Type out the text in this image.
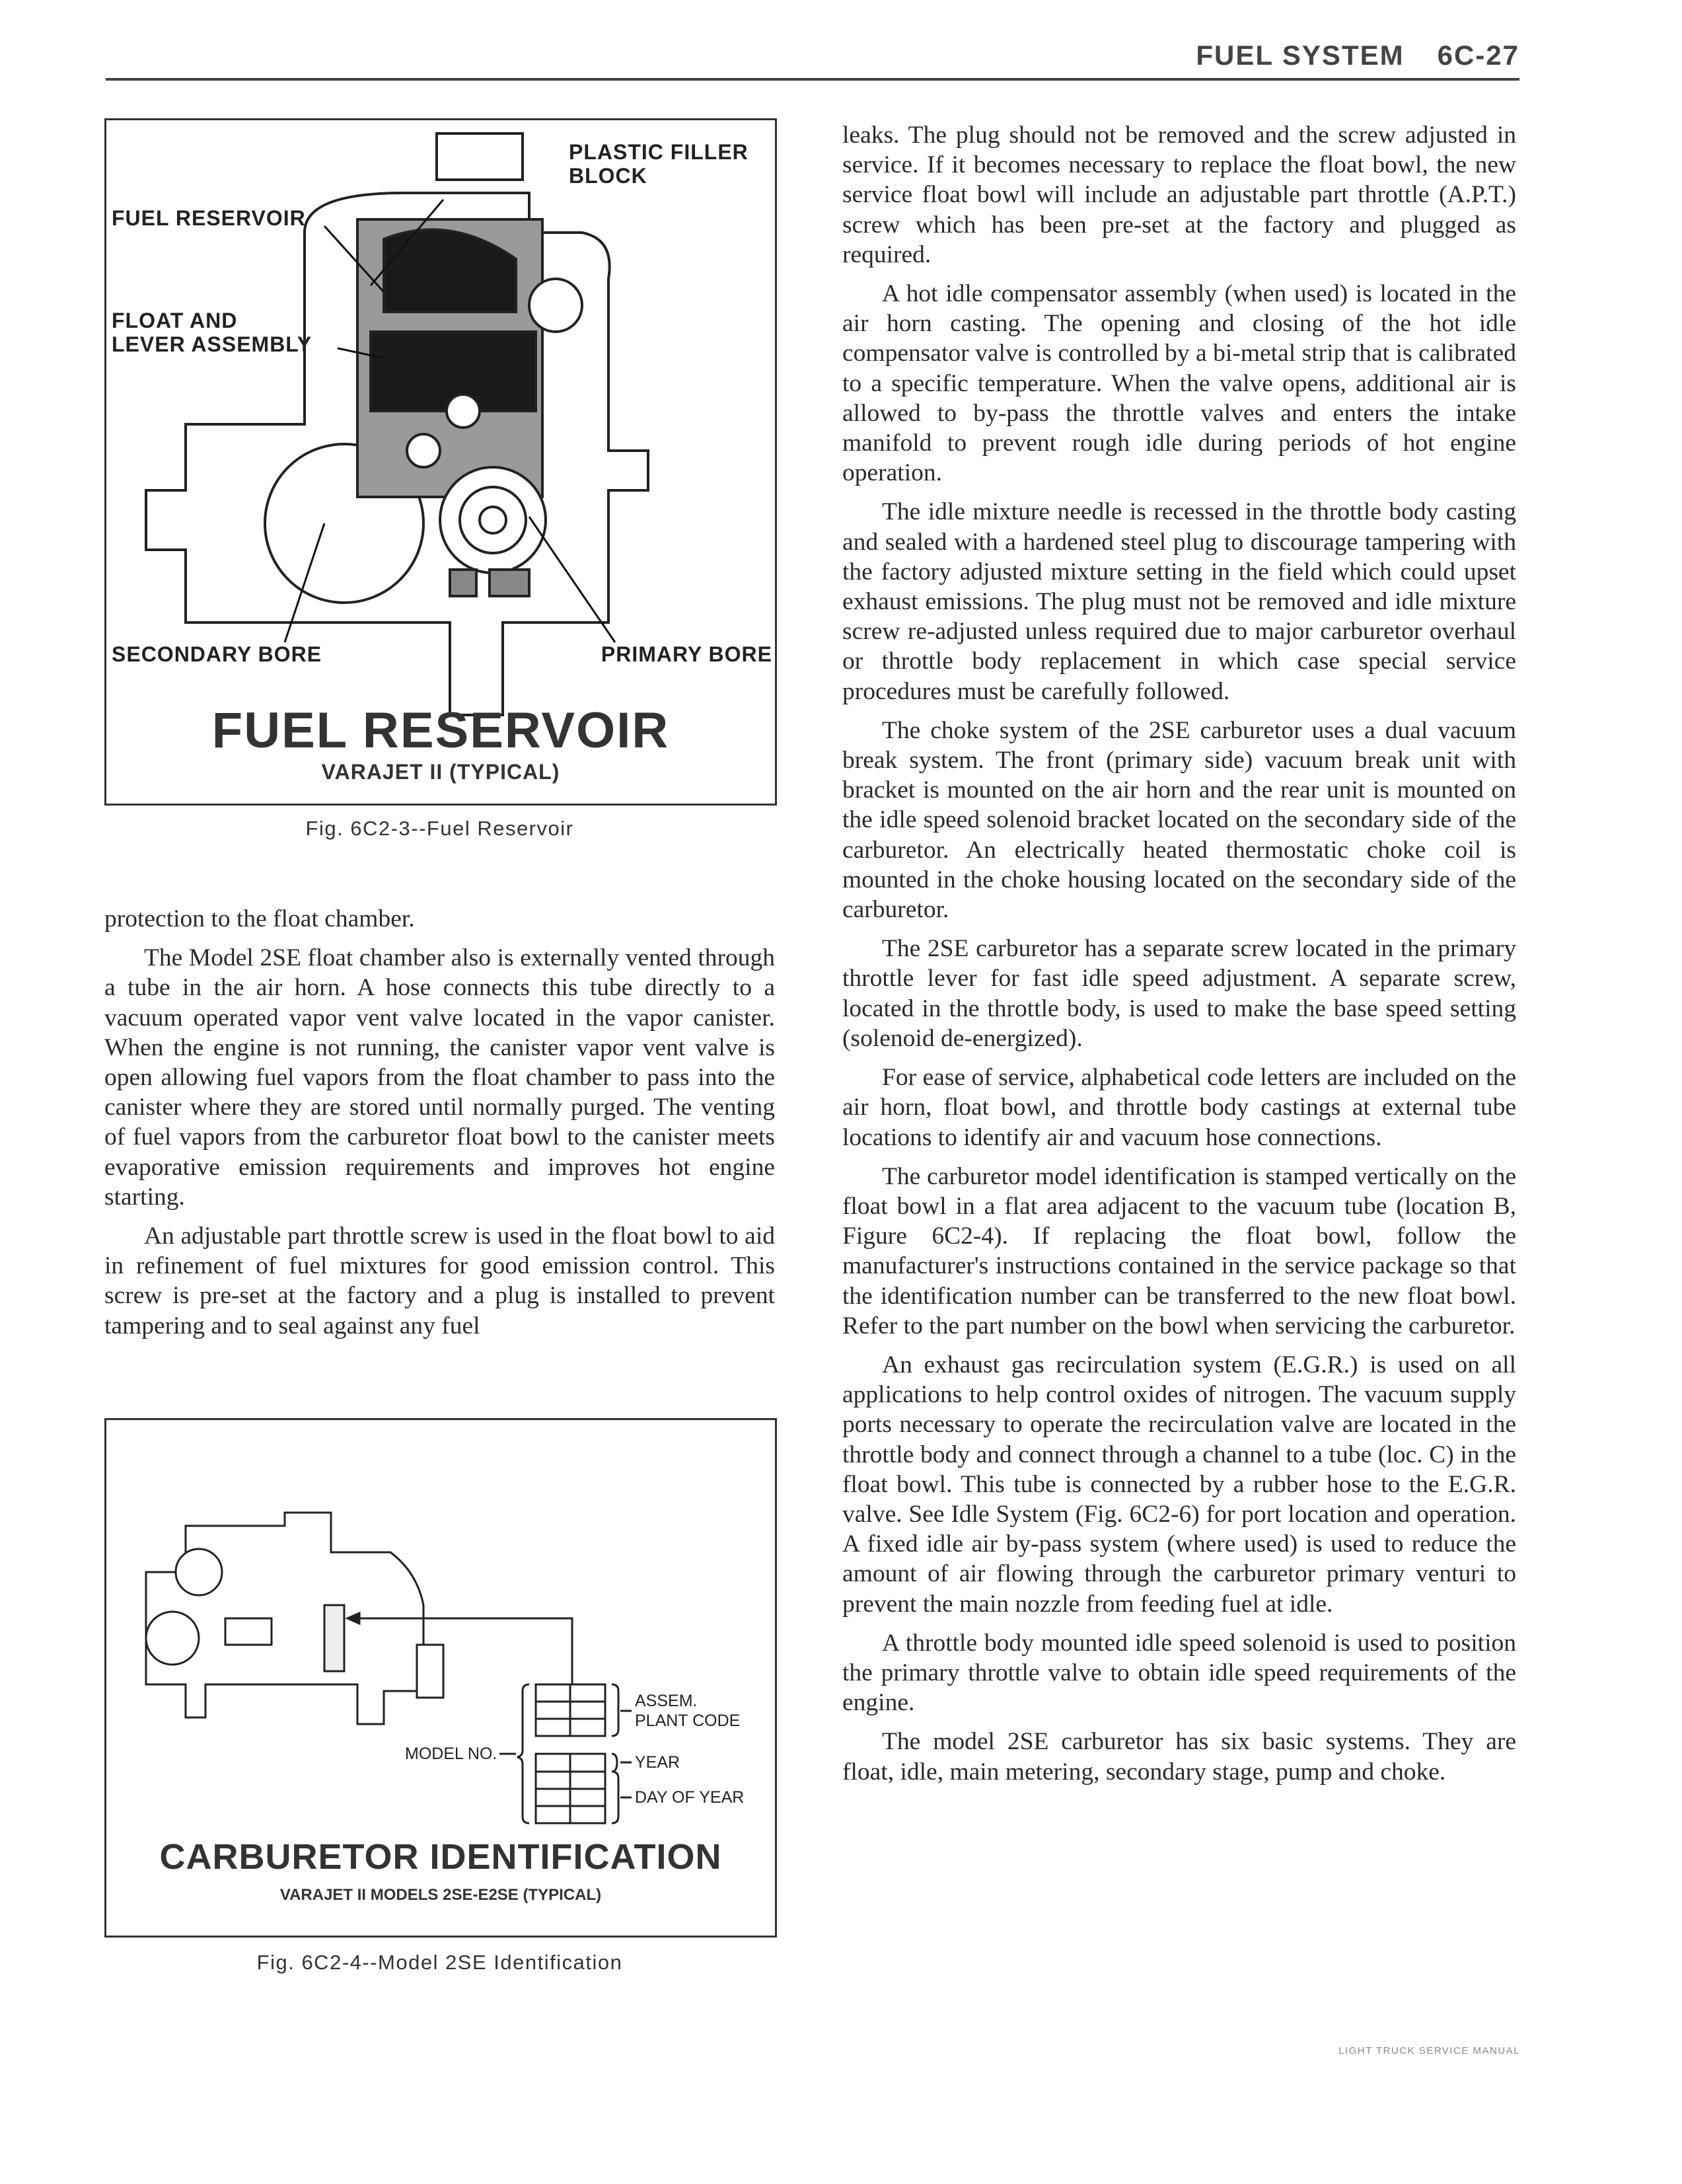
FUEL SYSTEM 6C-27
PLASTIC FILLER
BLOCK
FUEL RESERVOIR
FLOAT AND
LEVER ASSEMBLY
SECONDARY BORE	PRIMARY BORE
FUEL RESERVOIR
VARAJET II (TYPICAL)
Fig. 6C2-3--Fuel Reservoir

protection to the float chamber.

The Model 2SE float chamber also is externally vented through a tube in the air horn. A hose connects this tube directly to a vacuum operated vapor vent valve located in the vapor canister. When the engine is not running, the canister vapor vent valve is open allowing fuel vapors from the float chamber to pass into the canister where they are stored until normally purged. The venting of fuel vapors from the carburetor float bowl to the canister meets evaporative emission requirements and improves hot engine starting.

An adjustable part throttle screw is used in the float bowl to aid in refinement of fuel mixtures for good emission control. This screw is pre-set at the factory and a plug is installed to prevent tampering and to seal against any fuel

ASSEM.
PLANT CODE
MODEL NO.	YEAR
DAY OF YEAR
CARBURETOR IDENTIFICATION
VARAJET II MODELS 2SE-E2SE (TYPICAL)
Fig. 6C2-4--Model 2SE Identification

leaks. The plug should not be removed and the screw adjusted in service. If it becomes necessary to replace the float bowl, the new service float bowl will include an adjustable part throttle (A.P.T.) screw which has been pre-set at the factory and plugged as required.

A hot idle compensator assembly (when used) is located in the air horn casting. The opening and closing of the hot idle compensator valve is controlled by a bi-metal strip that is calibrated to a specific temperature. When the valve opens, additional air is allowed to by-pass the throttle valves and enters the intake manifold to prevent rough idle during periods of hot engine operation.

The idle mixture needle is recessed in the throttle body casting and sealed with a hardened steel plug to discourage tampering with the factory adjusted mixture setting in the field which could upset exhaust emissions. The plug must not be removed and idle mixture screw re-adjusted unless required due to major carburetor overhaul or throttle body replacement in which case special service procedures must be carefully followed.

The choke system of the 2SE carburetor uses a dual vacuum break system. The front (primary side) vacuum break unit with bracket is mounted on the air horn and the rear unit is mounted on the idle speed solenoid bracket located on the secondary side of the carburetor. An electrically heated thermostatic choke coil is mounted in the choke housing located on the secondary side of the carburetor.

The 2SE carburetor has a separate screw located in the primary throttle lever for fast idle speed adjustment. A separate screw, located in the throttle body, is used to make the base speed setting (solenoid de-energized).

For ease of service, alphabetical code letters are included on the air horn, float bowl, and throttle body castings at external tube locations to identify air and vacuum hose connections.

The carburetor model identification is stamped vertically on the float bowl in a flat area adjacent to the vacuum tube (location B, Figure 6C2-4). If replacing the float bowl, follow the manufacturer's instructions contained in the service package so that the identification number can be transferred to the new float bowl. Refer to the part number on the bowl when servicing the carburetor.

An exhaust gas recirculation system (E.G.R.) is used on all applications to help control oxides of nitrogen. The vacuum supply ports necessary to operate the recirculation valve are located in the throttle body and connect through a channel to a tube (loc. C) in the float bowl. This tube is connected by a rubber hose to the E.G.R. valve. See Idle System (Fig. 6C2-6) for port location and operation. A fixed idle air by-pass system (where used) is used to reduce the amount of air flowing through the carburetor primary venturi to prevent the main nozzle from feeding fuel at idle.

A throttle body mounted idle speed solenoid is used to position the primary throttle valve to obtain idle speed requirements of the engine.

The model 2SE carburetor has six basic systems. They are float, idle, main metering, secondary stage, pump and choke.

LIGHT TRUCK SERVICE MANUAL
